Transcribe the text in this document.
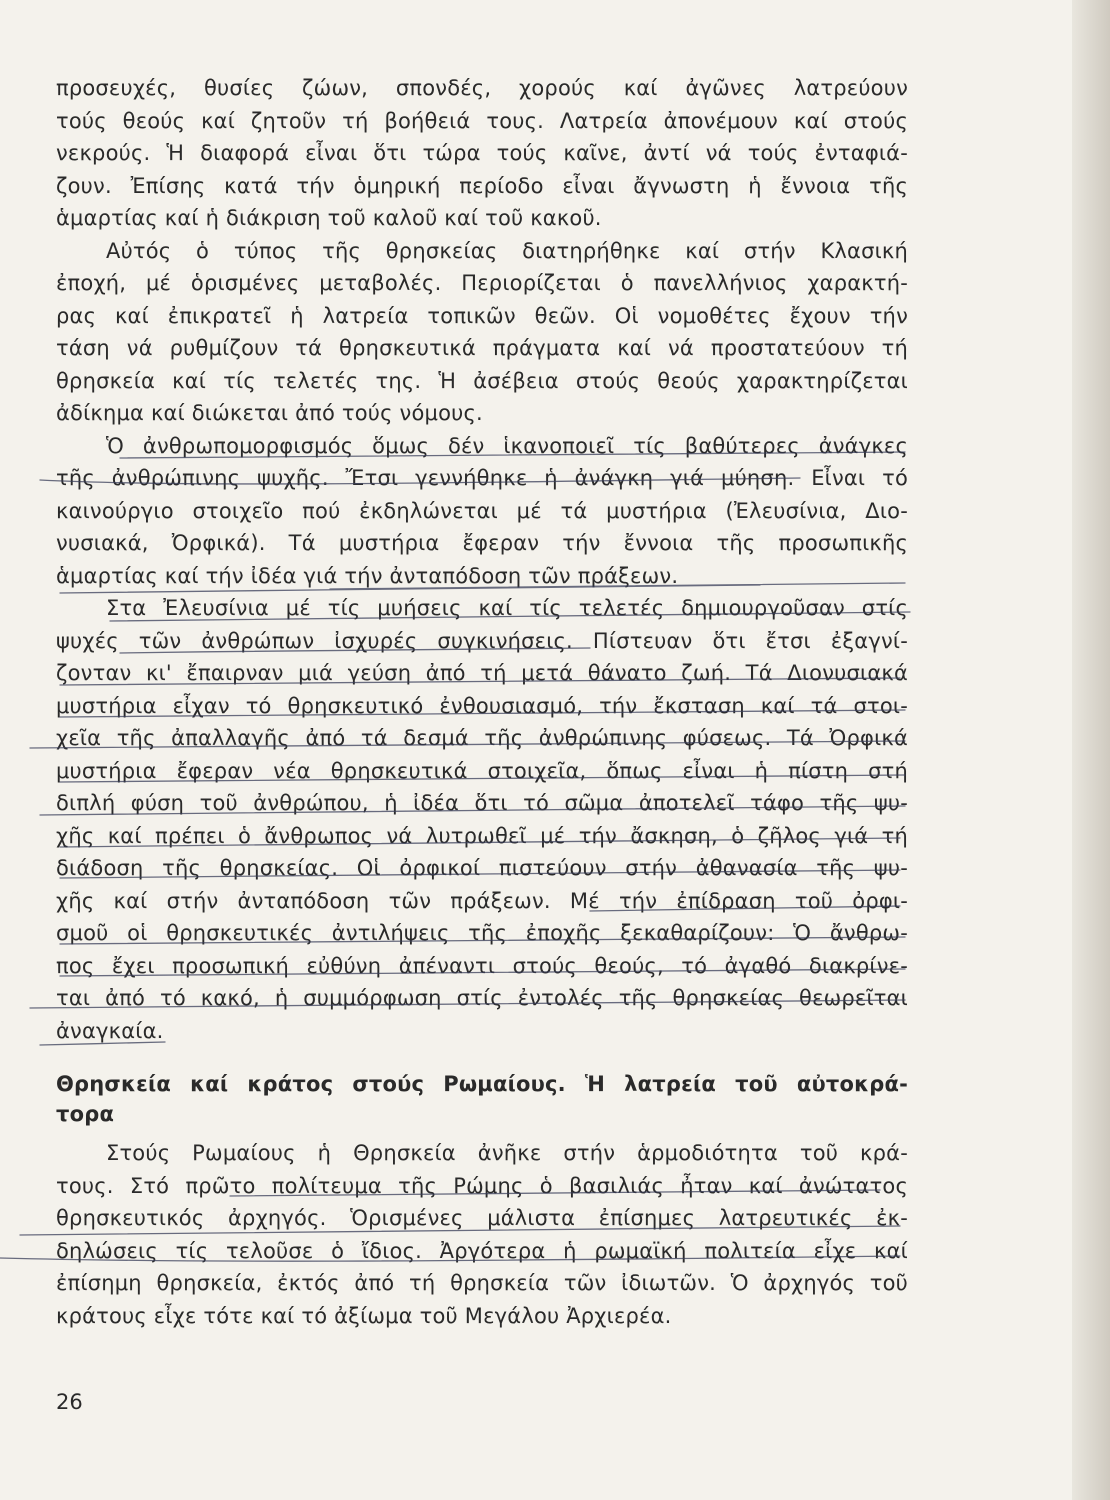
προσευχές, θυσίες ζώων, σπονδές, χορούς καί ἀγῶνες λατρεύουν
τούς θεούς καί ζητοῦν τή βοήθειά τους. Λατρεία ἀπονέμουν καί στούς
νεκρούς. Ἡ διαφορά εἶναι ὅτι τώρα τούς καῖνε, ἀντί νά τούς ἐνταφιά-
ζουν. Ἐπίσης κατά τήν ὁμηρική περίοδο εἶναι ἄγνωστη ἡ ἔννοια τῆς
ἁμαρτίας καί ἡ διάκριση τοῦ καλοῦ καί τοῦ κακοῦ.
Αὐτός ὁ τύπος τῆς θρησκείας διατηρήθηκε καί στήν Κλασική
ἐποχή, μέ ὁρισμένες μεταβολές. Περιορίζεται ὁ πανελλήνιος χαρακτή-
ρας καί ἐπικρατεῖ ἡ λατρεία τοπικῶν θεῶν. Οἱ νομοθέτες ἔχουν τήν
τάση νά ρυθμίζουν τά θρησκευτικά πράγματα καί νά προστατεύουν τή
θρησκεία καί τίς τελετές της. Ἡ ἀσέβεια στούς θεούς χαρακτηρίζεται
ἀδίκημα καί διώκεται ἀπό τούς νόμους.
Ὁ ἀνθρωπομορφισμός ὅμως δέν ἱκανοποιεῖ τίς βαθύτερες ἀνάγκες
τῆς ἀνθρώπινης ψυχῆς. Ἔτσι γεννήθηκε ἡ ἀνάγκη γιά μύηση. Εἶναι τό
καινούργιο στοιχεῖο πού ἐκδηλώνεται μέ τά μυστήρια (Ἐλευσίνια, Διο-
νυσιακά, Ὀρφικά). Τά μυστήρια ἔφεραν τήν ἔννοια τῆς προσωπικῆς
ἁμαρτίας καί τήν ἰδέα γιά τήν ἀνταπόδοση τῶν πράξεων.
Στα Ἐλευσίνια μέ τίς μυήσεις καί τίς τελετές δημιουργοῦσαν στίς
ψυχές τῶν ἀνθρώπων ἰσχυρές συγκινήσεις. Πίστευαν ὅτι ἔτσι ἐξαγνί-
ζονταν κι' ἔπαιρναν μιά γεύση ἀπό τή μετά θάνατο ζωή. Τά Διονυσιακά
μυστήρια εἶχαν τό θρησκευτικό ἐνθουσιασμό, τήν ἔκσταση καί τά στοι-
χεῖα τῆς ἀπαλλαγῆς ἀπό τά δεσμά τῆς ἀνθρώπινης φύσεως. Τά Ὀρφικά
μυστήρια ἔφεραν νέα θρησκευτικά στοιχεῖα, ὅπως εἶναι ἡ πίστη στή
διπλή φύση τοῦ ἀνθρώπου, ἡ ἰδέα ὅτι τό σῶμα ἀποτελεῖ τάφο τῆς ψυ-
χῆς καί πρέπει ὁ ἄνθρωπος νά λυτρωθεῖ μέ τήν ἄσκηση, ὁ ζῆλος γιά τή
διάδοση τῆς θρησκείας. Οἱ ὀρφικοί πιστεύουν στήν ἀθανασία τῆς ψυ-
χῆς καί στήν ἀνταπόδοση τῶν πράξεων. Μέ τήν ἐπίδραση τοῦ ὀρφι-
σμοῦ οἱ θρησκευτικές ἀντιλήψεις τῆς ἐποχῆς ξεκαθαρίζουν: Ὁ ἄνθρω-
πος ἔχει προσωπική εὐθύνη ἀπέναντι στούς θεούς, τό ἀγαθό διακρίνε-
ται ἀπό τό κακό, ἡ συμμόρφωση στίς ἐντολές τῆς θρησκείας θεωρεῖται
ἀναγκαία.
Θρησκεία καί κράτος στούς Ρωμαίους. Ἡ λατρεία τοῦ αὐτοκρά-
τορα
Στούς Ρωμαίους ἡ Θρησκεία ἀνῆκε στήν ἁρμοδιότητα τοῦ κρά-
τους. Στό πρῶτο πολίτευμα τῆς Ρώμης ὁ βασιλιάς ἦταν καί ἀνώτατος
θρησκευτικός ἀρχηγός. Ὁρισμένες μάλιστα ἐπίσημες λατρευτικές ἐκ-
δηλώσεις τίς τελοῦσε ὁ ἴδιος. Ἀργότερα ἡ ρωμαϊκή πολιτεία εἶχε καί
ἐπίσημη θρησκεία, ἐκτός ἀπό τή θρησκεία τῶν ἰδιωτῶν. Ὁ ἀρχηγός τοῦ
κράτους εἶχε τότε καί τό ἀξίωμα τοῦ Μεγάλου Ἀρχιερέα.
26
